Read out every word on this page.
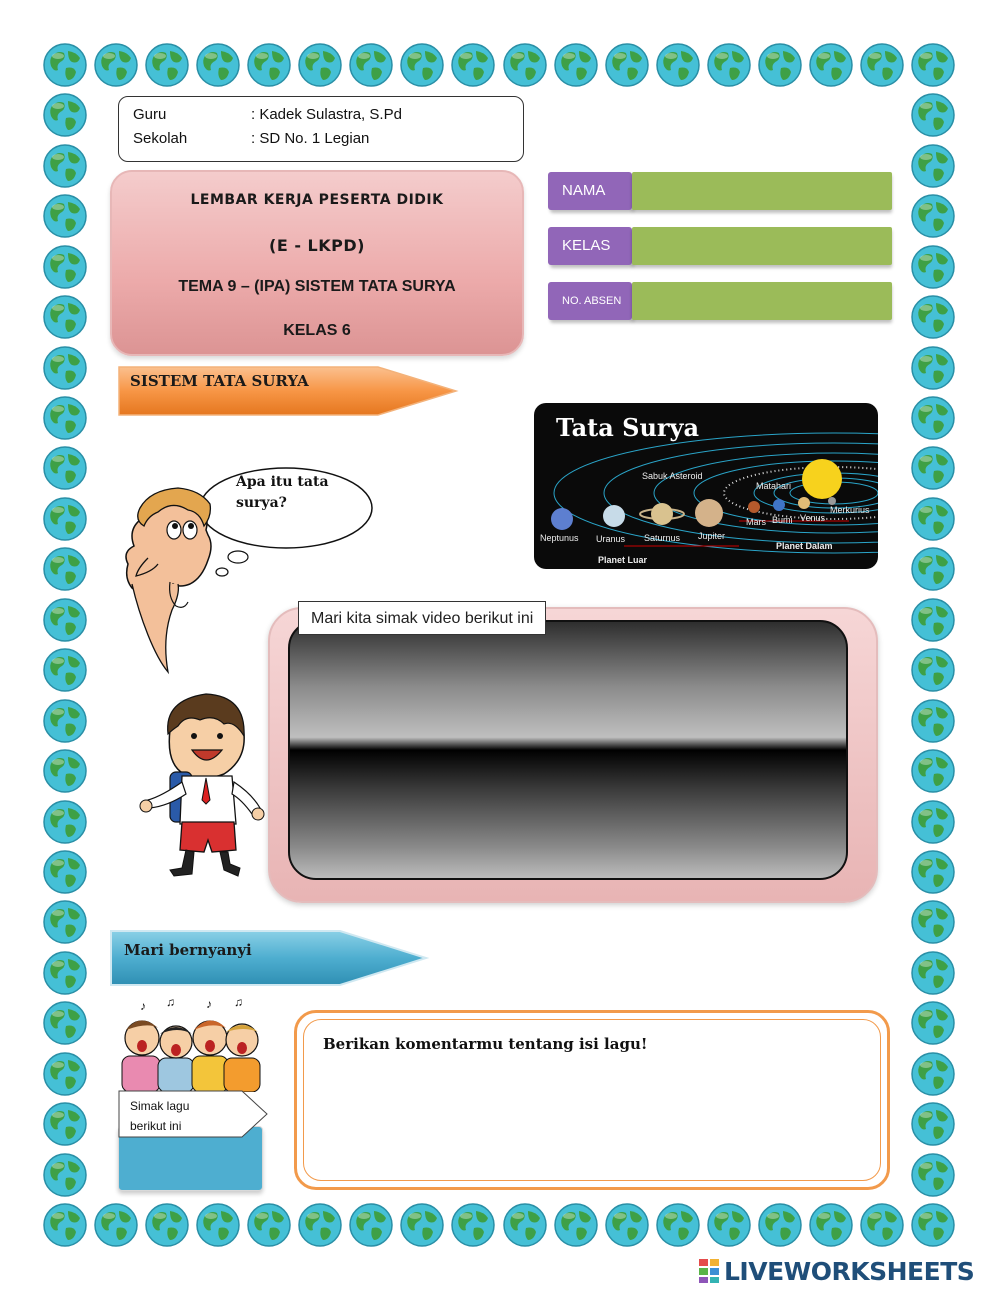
Guru	: Kadek Sulastra, S.Pd
Sekolah	: SD No. 1 Legian
LEMBAR KERJA PESERTA DIDIK
(E - LKPD)
TEMA 9 – (IPA) SISTEM TATA SURYA
KELAS 6
NAMA
KELAS
NO. ABSEN
SISTEM TATA SURYA
Apa itu tata surya?
Tata Surya
Sabuk Asteroid
Matahari
Merkurius
Venus
Bumi
Mars
Jupiter
Saturnus
Uranus
Neptunus
Planet Dalam
Planet Luar
Mari kita simak video berikut ini
Mari bernyanyi
♪ ♫	♪ ♫
Simak lagu berikut ini
Berikan komentarmu tentang isi lagu!
LIVEWORKSHEETS
